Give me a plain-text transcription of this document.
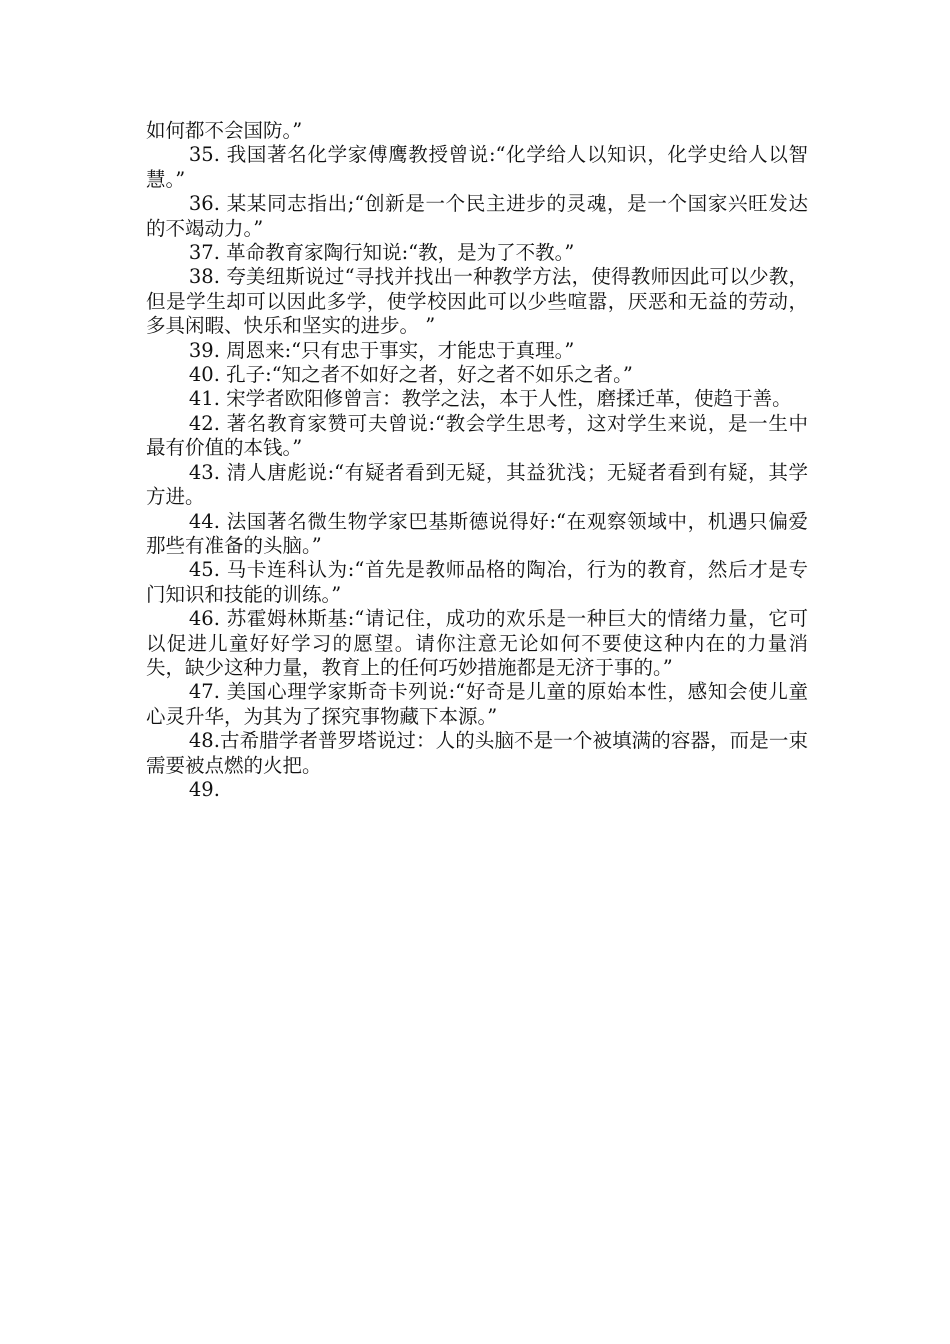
如何都不会国防。”

35. 我国著名化学家傅鹰教授曾说:“化学给人以知识，化学史给人以智慧。”

36. 某某同志指出;“创新是一个民主进步的灵魂，是一个国家兴旺发达的不竭动力。”

37. 革命教育家陶行知说:“教，是为了不教。”

38. 夸美纽斯说过“寻找并找出一种教学方法，使得教师因此可以少教，但是学生却可以因此多学，使学校因此可以少些喧嚣，厌恶和无益的劳动，多具闲暇、快乐和坚实的进步。 ”

39. 周恩来:“只有忠于事实，才能忠于真理。”

40. 孔子:“知之者不如好之者，好之者不如乐之者。”

41. 宋学者欧阳修曾言：教学之法，本于人性，磨揉迁革，使趋于善。

42. 著名教育家赞可夫曾说:“教会学生思考，这对学生来说，是一生中最有价值的本钱。”

43. 清人唐彪说:“有疑者看到无疑，其益犹浅；无疑者看到有疑，其学方进。

44. 法国著名微生物学家巴基斯德说得好:“在观察领域中，机遇只偏爱那些有准备的头脑。”

45. 马卡连科认为:“首先是教师品格的陶冶，行为的教育，然后才是专门知识和技能的训练。”

46. 苏霍姆林斯基:“请记住，成功的欢乐是一种巨大的情绪力量，它可以促进儿童好好学习的愿望。请你注意无论如何不要使这种内在的力量消失，缺少这种力量，教育上的任何巧妙措施都是无济于事的。”

47. 美国心理学家斯奇卡列说:“好奇是儿童的原始本性，感知会使儿童心灵升华，为其为了探究事物藏下本源。”

48.古希腊学者普罗塔说过：人的头脑不是一个被填满的容器，而是一束需要被点燃的火把。

49.
